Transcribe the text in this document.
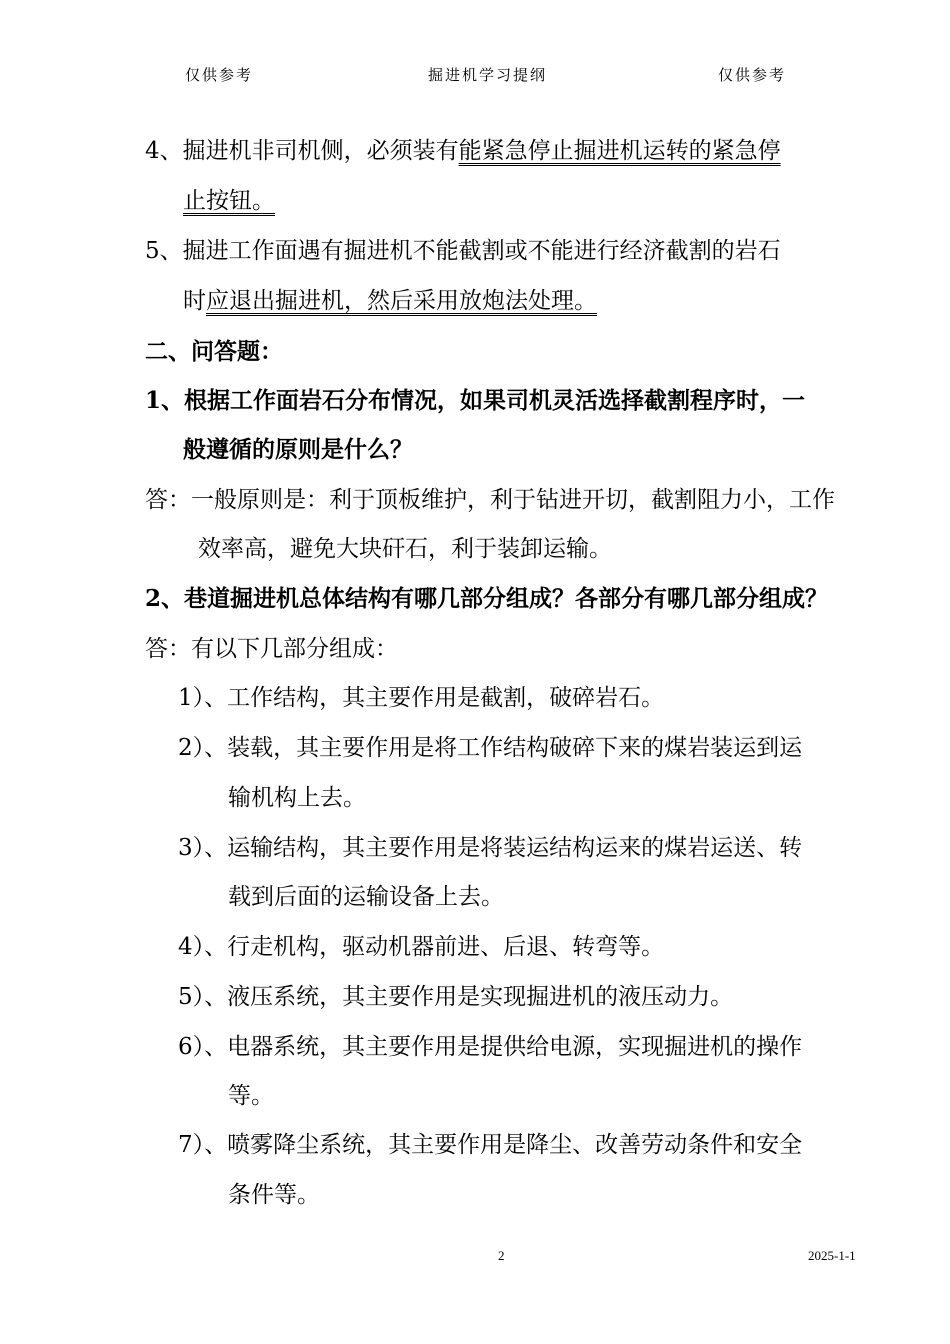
仅供参考	掘进机学习提纲	仅供参考
4、掘进机非司机侧，必须装有能紧急停止掘进机运转的紧急停
止按钮。
5、掘进工作面遇有掘进机不能截割或不能进行经济截割的岩石
时应退出掘进机，然后采用放炮法处理。
二、问答题：
1、根据工作面岩石分布情况，如果司机灵活选择截割程序时，一
般遵循的原则是什么？
答：一般原则是：利于顶板维护，利于钻进开切，截割阻力小，工作
效率高，避免大块矸石，利于装卸运输。
2、巷道掘进机总体结构有哪几部分组成？各部分有哪几部分组成？
答：有以下几部分组成：
1）、工作结构，其主要作用是截割，破碎岩石。
2）、装载，其主要作用是将工作结构破碎下来的煤岩装运到运
输机构上去。
3）、运输结构，其主要作用是将装运结构运来的煤岩运送、转
载到后面的运输设备上去。
4）、行走机构，驱动机器前进、后退、转弯等。
5）、液压系统，其主要作用是实现掘进机的液压动力。
6）、电器系统，其主要作用是提供给电源，实现掘进机的操作
等。
7）、喷雾降尘系统，其主要作用是降尘、改善劳动条件和安全
条件等。
2	2025-1-1
